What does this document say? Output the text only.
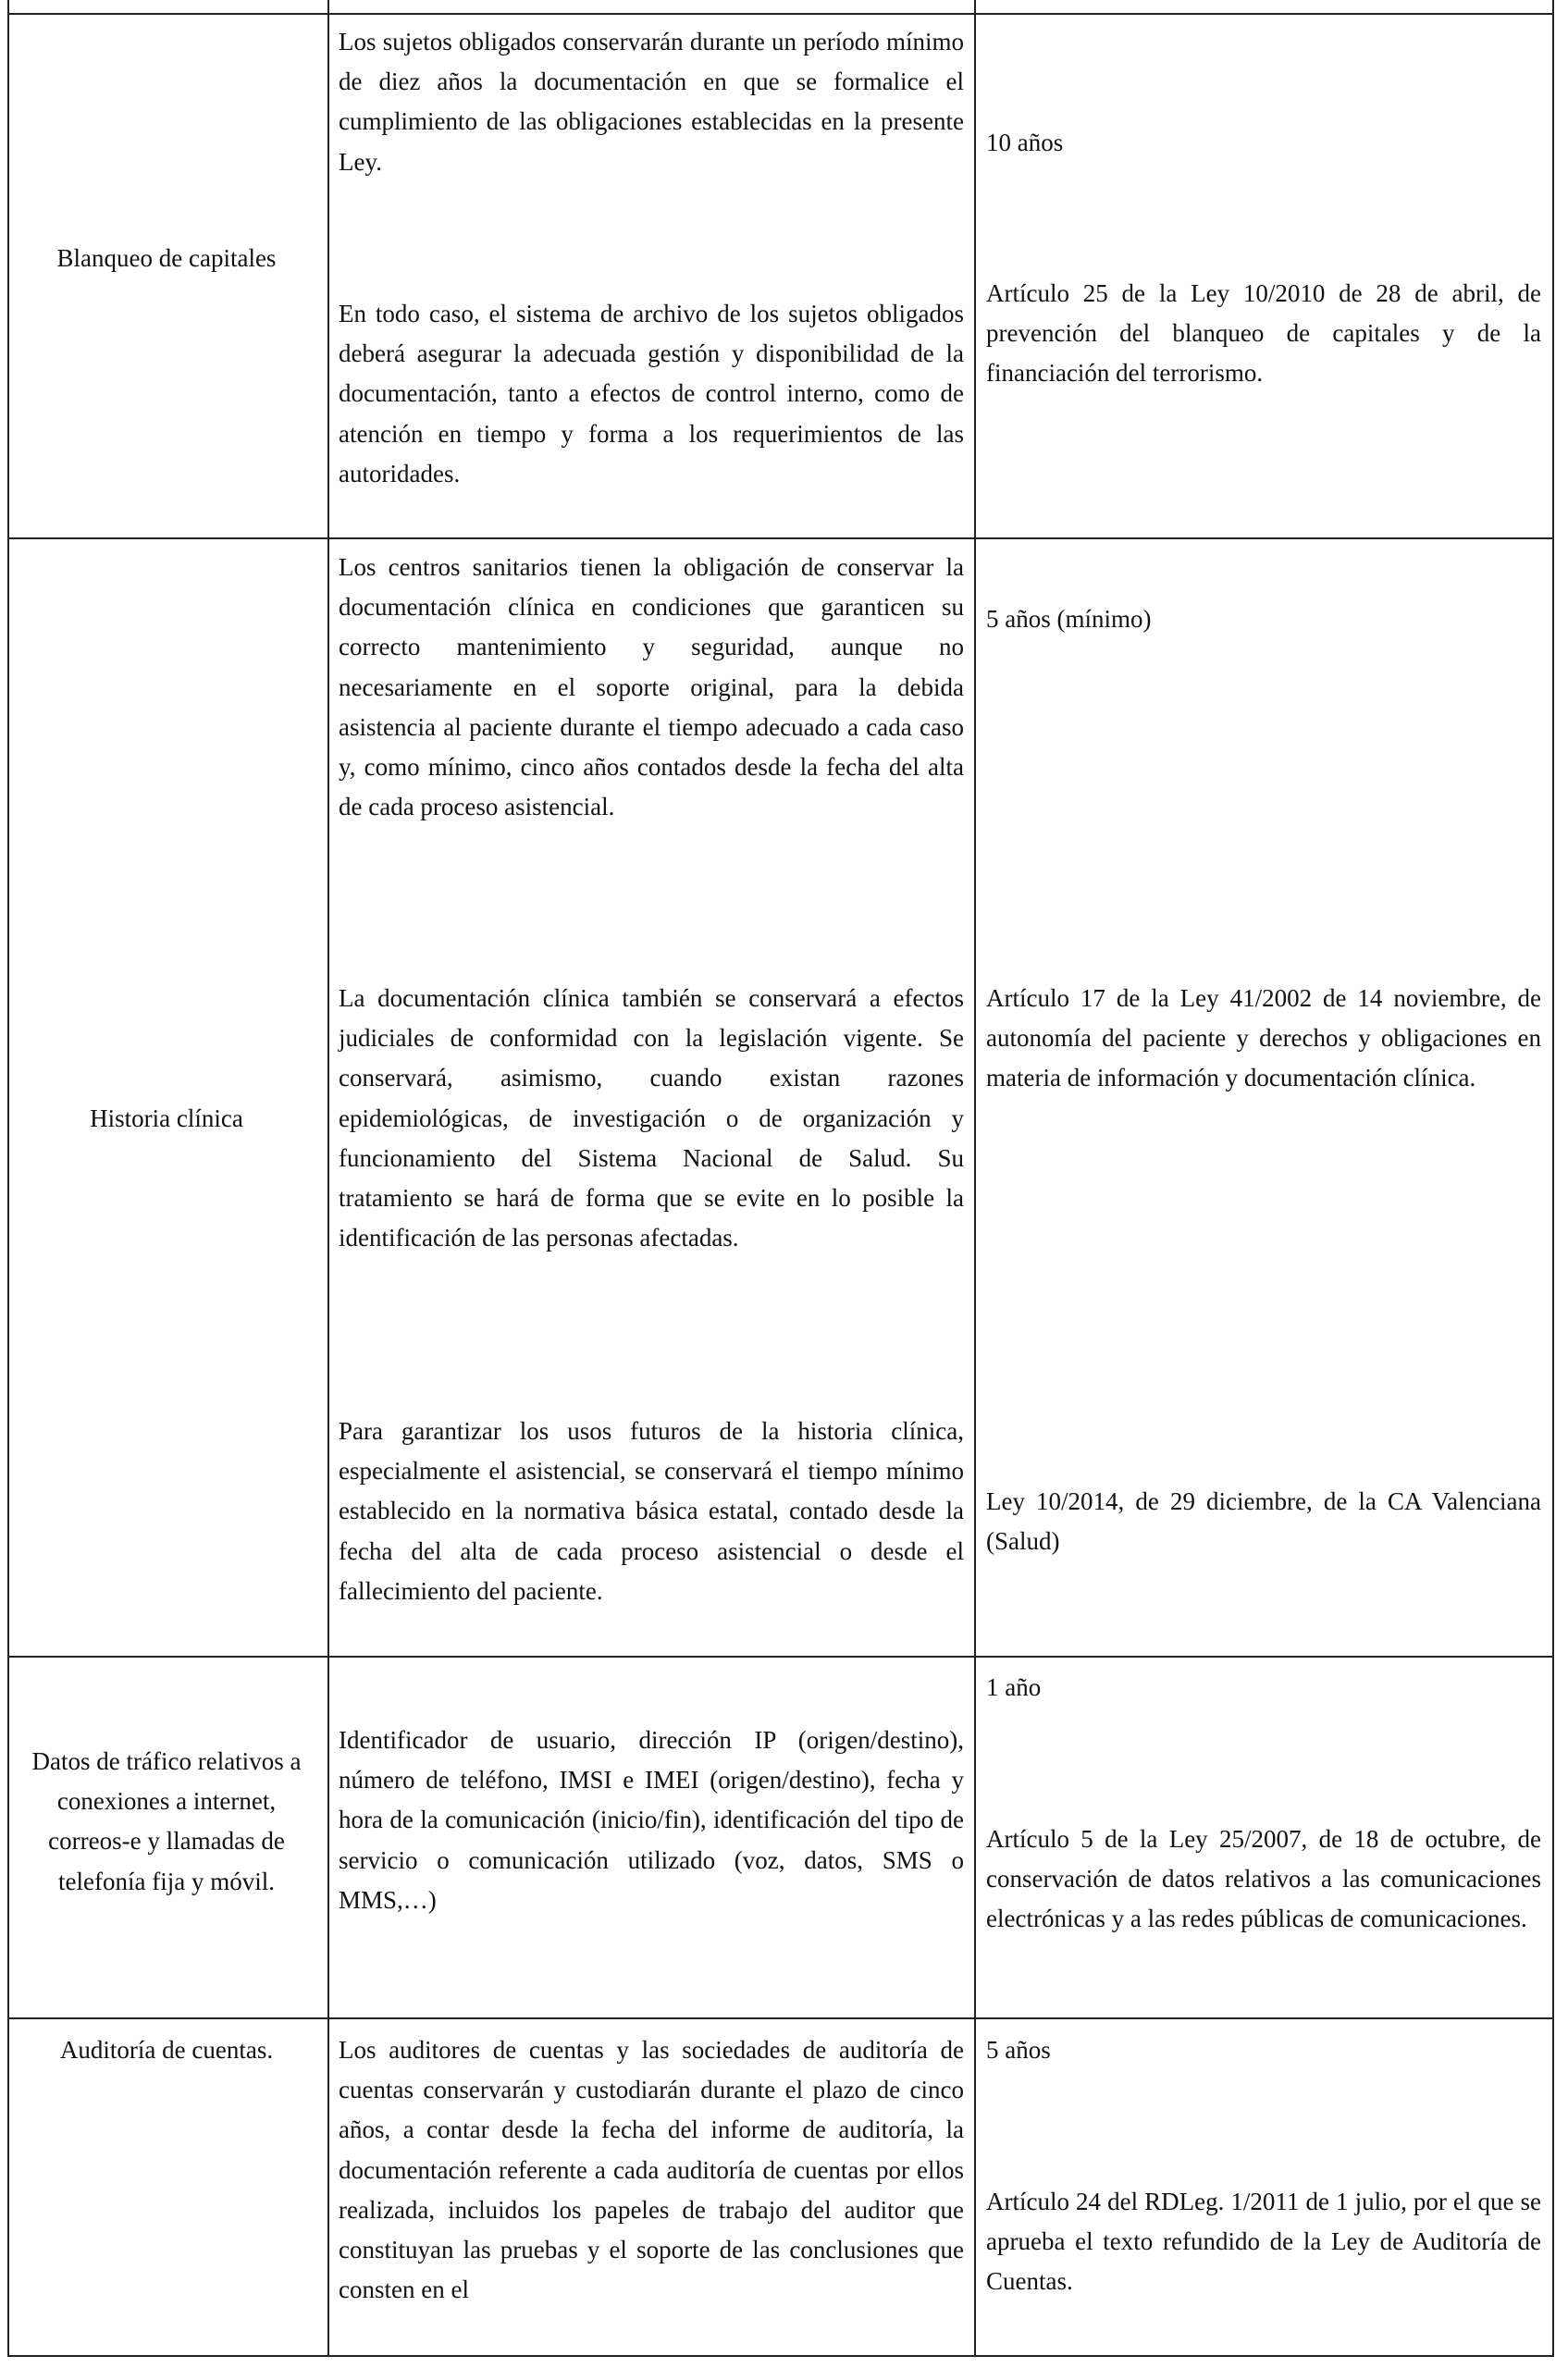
Blanqueo de capitales
Los sujetos obligados conservarán durante un período mínimo de diez años la documentación en que se formalice el cumplimiento de las obligaciones establecidas en la presente Ley.
10 años
En todo caso, el sistema de archivo de los sujetos obligados deberá asegurar la adecuada gestión y disponibilidad de la documentación, tanto a efectos de control interno, como de atención en tiempo y forma a los requerimientos de las autoridades.
Artículo 25 de la Ley 10/2010 de 28 de abril, de prevención del blanqueo de capitales y de la financiación del terrorismo.
Historia clínica
Los centros sanitarios tienen la obligación de conservar la documentación clínica en condiciones que garanticen su correcto mantenimiento y seguridad, aunque no necesariamente en el soporte original, para la debida asistencia al paciente durante el tiempo adecuado a cada caso y, como mínimo, cinco años contados desde la fecha del alta de cada proceso asistencial.
5 años (mínimo)
La documentación clínica también se conservará a efectos judiciales de conformidad con la legislación vigente. Se conservará, asimismo, cuando existan razones epidemiológicas, de investigación o de organización y funcionamiento del Sistema Nacional de Salud. Su tratamiento se hará de forma que se evite en lo posible la identificación de las personas afectadas.
Artículo 17 de la Ley 41/2002 de 14 noviembre, de autonomía del paciente y derechos y obligaciones en materia de información y documentación clínica.
Para garantizar los usos futuros de la historia clínica, especialmente el asistencial, se conservará el tiempo mínimo establecido en la normativa básica estatal, contado desde la fecha del alta de cada proceso asistencial o desde el fallecimiento del paciente.
Ley 10/2014, de 29 diciembre, de la CA Valenciana (Salud)
Datos de tráfico relativos a conexiones a internet, correos-e y llamadas de telefonía fija y móvil.
Identificador de usuario, dirección IP (origen/destino), número de teléfono, IMSI e IMEI (origen/destino), fecha y hora de la comunicación (inicio/fin), identificación del tipo de servicio o comunicación utilizado (voz, datos, SMS o MMS,…)
1 año
Artículo 5 de la Ley 25/2007, de 18 de octubre, de conservación de datos relativos a las comunicaciones electrónicas y a las redes públicas de comunicaciones.
Auditoría de cuentas.	Los auditores de cuentas y las sociedades de auditoría de cuentas conservarán y custodiarán durante el plazo de cinco años, a contar desde la fecha del informe de auditoría, la documentación referente a cada auditoría de cuentas por ellos realizada, incluidos los papeles de trabajo del auditor que constituyan las pruebas y el soporte de las conclusiones que consten en el
5 años
Artículo 24 del RDLeg. 1/2011 de 1 julio, por el que se aprueba el texto refundido de la Ley de Auditoría de Cuentas.
